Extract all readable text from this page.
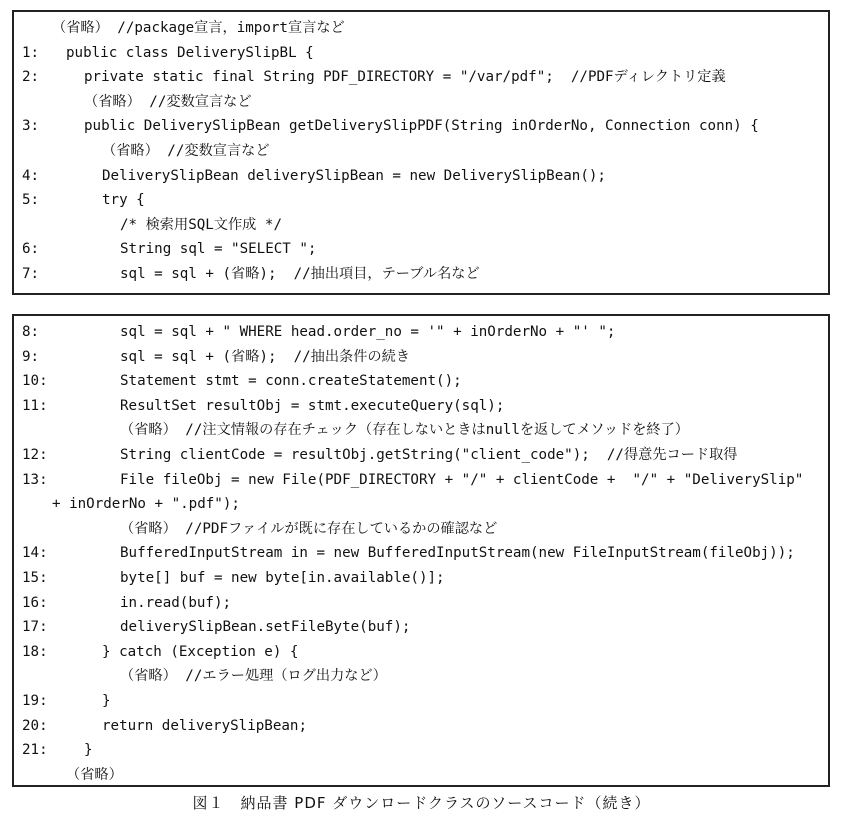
（省略） //package宣言，import宣言など
1: public class DeliverySlipBL {
2:	private static final String PDF_DIRECTORY = "/var/pdf";  //PDFディレクトリ定義
（省略） //変数宣言など
3:	public DeliverySlipBean getDeliverySlipPDF(String inOrderNo, Connection conn) {
（省略） //変数宣言など
4:	DeliverySlipBean deliverySlipBean = new DeliverySlipBean();
5:	try {
/* 検索用SQL文作成 */
6:	String sql = "SELECT ";
7:	sql = sql + (省略);  //抽出項目，テーブル名など
8:	sql = sql + " WHERE head.order_no = '" + inOrderNo + "' ";
9:	sql = sql + (省略);  //抽出条件の続き
10:	Statement stmt = conn.createStatement();
11:	ResultSet resultObj = stmt.executeQuery(sql);
（省略） //注文情報の存在チェック（存在しないときはnullを返してメソッドを終了）
12:	String clientCode = resultObj.getString("client_code");  //得意先コード取得
13:	File fileObj = new File(PDF_DIRECTORY + "/" + clientCode +  "/" + "DeliverySlip"
+ inOrderNo + ".pdf");
（省略） //PDFファイルが既に存在しているかの確認など
14:	BufferedInputStream in = new BufferedInputStream(new FileInputStream(fileObj));
15:	byte[] buf = new byte[in.available()];
16:	in.read(buf);
17:	deliverySlipBean.setFileByte(buf);
18:	} catch (Exception e) {
（省略） //エラー処理（ログ出力など）
19:	}
20:	return deliverySlipBean;
21:	}
（省略）
図１　納品書 PDF ダウンロードクラスのソースコード（続き）
